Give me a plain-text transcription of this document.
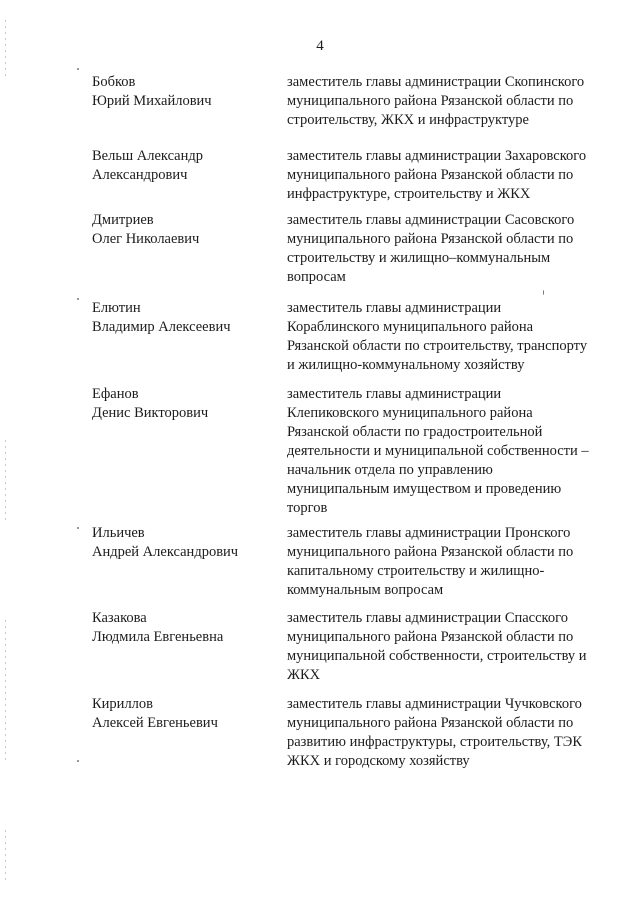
4
Бобков
Юрий Михайлович
заместитель главы администрации Скопинского
муниципального района Рязанской области по
строительству, ЖКХ и инфраструктуре
Вельш Александр
Александрович
заместитель главы администрации Захаровского
муниципального района Рязанской области по
инфраструктуре, строительству и ЖКХ
Дмитриев
Олег Николаевич
заместитель главы администрации Сасовского
муниципального района Рязанской области по
строительству и жилищно–коммунальным
вопросам
Елютин
Владимир Алексеевич
заместитель главы администрации
Кораблинского муниципального района
Рязанской области по строительству, транспорту
и жилищно-коммунальному хозяйству
Ефанов
Денис Викторович
заместитель главы администрации
Клепиковского муниципального района
Рязанской области по градостроительной
деятельности и муниципальной собственности –
начальник отдела по управлению
муниципальным имуществом и проведению
торгов
Ильичев
Андрей Александрович
заместитель главы администрации Пронского
муниципального района Рязанской области по
капитальному строительству и жилищно-
коммунальным вопросам
Казакова
Людмила Евгеньевна
заместитель главы администрации Спасского
муниципального района Рязанской области по
муниципальной собственности, строительству и
ЖКХ
Кириллов
Алексей Евгеньевич
заместитель главы администрации Чучковского
муниципального района Рязанской области по
развитию инфраструктуры, строительству, ТЭК
ЖКХ и городскому хозяйству
